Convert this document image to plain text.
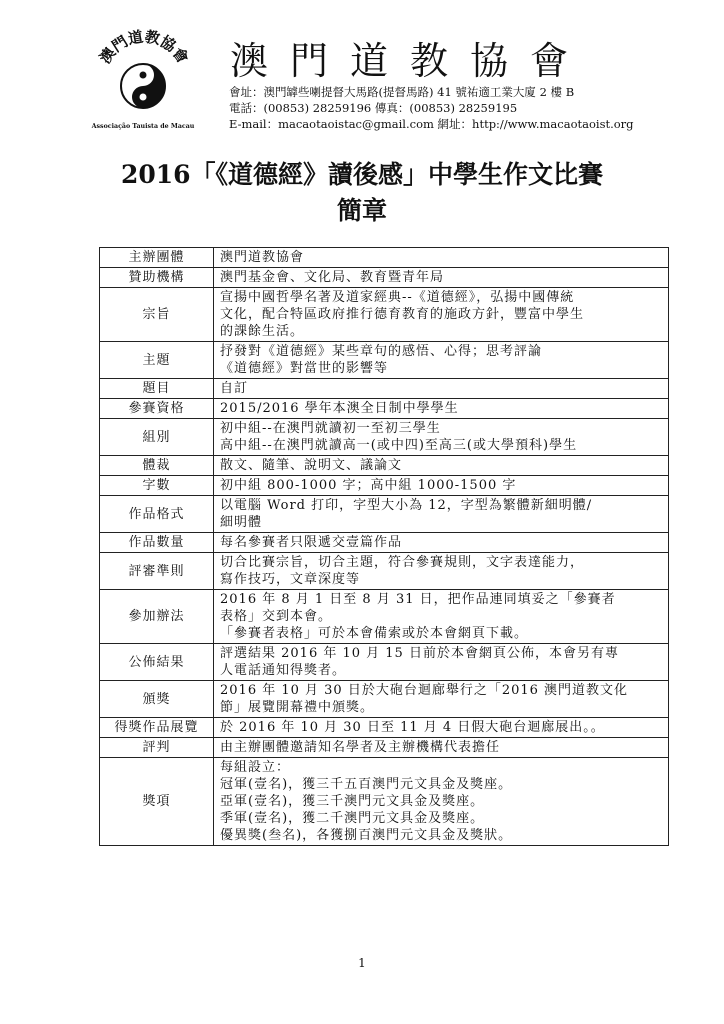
澳門道教協會
Associação Tauista de Macau
澳門道教協會
會址：澳門罅些喇提督大馬路(提督馬路) 41 號祐適工業大廈 2 樓 B
電話：(00853) 28259196 傳真：(00853) 28259195
E-mail：macaotaoistac@gmail.com 網址：http://www.macaotaoist.org
2016「《道德經》讀後感」中學生作文比賽
簡章
主辦團體	澳門道教協會

贊助機構	澳門基金會、文化局、教育暨青年局

宗旨	宣揚中國哲學名著及道家經典--《道德經》，弘揚中國傳統
文化，配合特區政府推行德育教育的施政方針，豐富中學生
的課餘生活。

主題	抒發對《道德經》某些章句的感悟、心得；思考評論
《道德經》對當世的影響等

題目	自訂

參賽資格	2015/2016 學年本澳全日制中學學生

組別	初中組--在澳門就讀初一至初三學生
高中組--在澳門就讀高一(或中四)至高三(或大學預科)學生

體裁	散文、隨筆、說明文、議論文

字數	初中組 800-1000 字；高中組 1000-1500 字

作品格式	以電腦 Word 打印，字型大小為 12，字型為繁體新細明體/
細明體

作品數量	每名參賽者只限遞交壹篇作品

評審準則	切合比賽宗旨，切合主題，符合參賽規則，文字表達能力，
寫作技巧，文章深度等

參加辦法	2016 年 8 月 1 日至 8 月 31 日，把作品連同填妥之「參賽者
表格」交到本會。
「參賽者表格」可於本會備索或於本會網頁下載。

公佈結果	評選結果 2016 年 10 月 15 日前於本會網頁公佈，本會另有專
人電話通知得獎者。

頒獎	2016 年 10 月 30 日於大砲台迴廊舉行之「2016 澳門道教文化
節」展覽開幕禮中頒獎。

得獎作品展覽	於 2016 年 10 月 30 日至 11 月 4 日假大砲台迴廊展出。。

評判	由主辦團體邀請知名學者及主辦機構代表擔任

獎項	每組設立：
冠軍(壹名)，獲三千五百澳門元文具金及獎座。
亞軍(壹名)，獲三千澳門元文具金及獎座。
季軍(壹名)，獲二千澳門元文具金及獎座。
優異獎(叁名)，各獲捌百澳門元文具金及獎狀。
1
